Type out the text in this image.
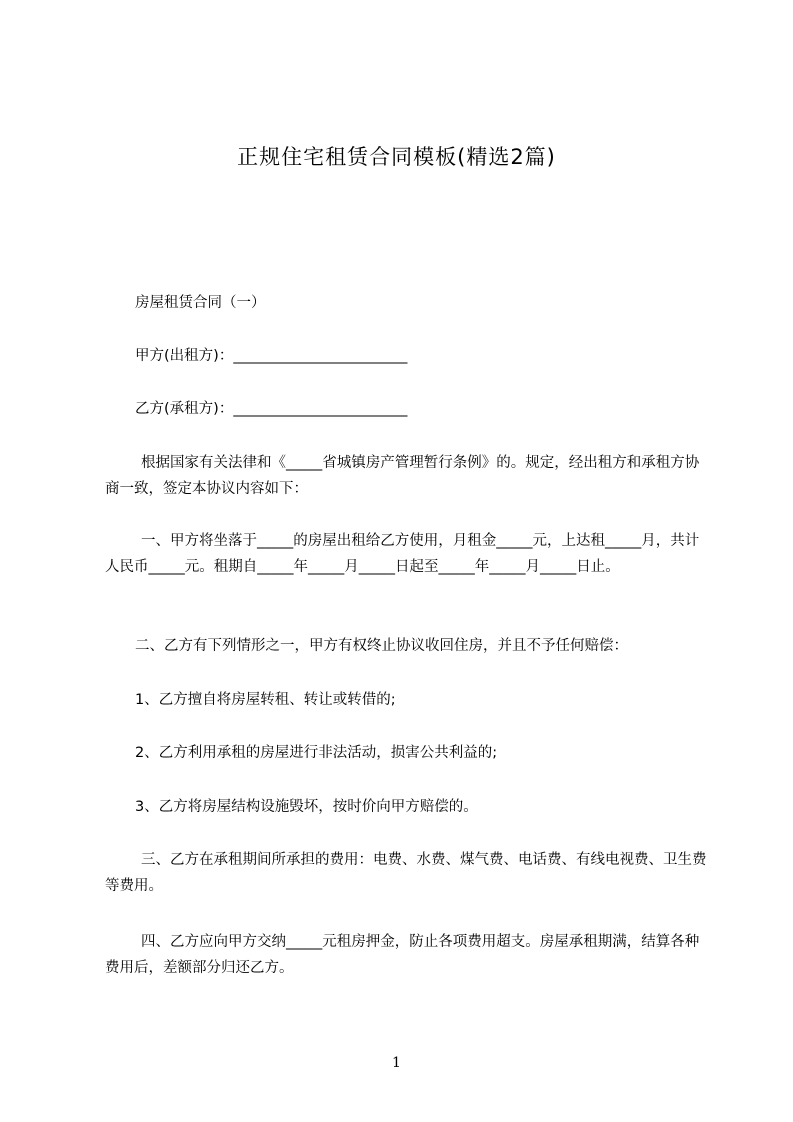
正规住宅租赁合同模板(精选2篇)
房屋租赁合同（一）
甲方(出租方)：________________________
乙方(承租方)：________________________
根据国家有关法律和《_____省城镇房产管理暂行条例》的。规定，经出租方和承租方协商一致，签定本协议内容如下：
一、甲方将坐落于_____的房屋出租给乙方使用，月租金_____元，上达租_____月，共计人民币_____元。租期自_____年_____月_____日起至_____年_____月_____日止。
二、乙方有下列情形之一，甲方有权终止协议收回住房，并且不予任何赔偿：
1、乙方擅自将房屋转租、转让或转借的;
2、乙方利用承租的房屋进行非法活动，损害公共利益的;
3、乙方将房屋结构设施毁坏，按时价向甲方赔偿的。
三、乙方在承租期间所承担的费用：电费、水费、煤气费、电话费、有线电视费、卫生费等费用。
四、乙方应向甲方交纳_____元租房押金，防止各项费用超支。房屋承租期满，结算各种费用后，差额部分归还乙方。
1
